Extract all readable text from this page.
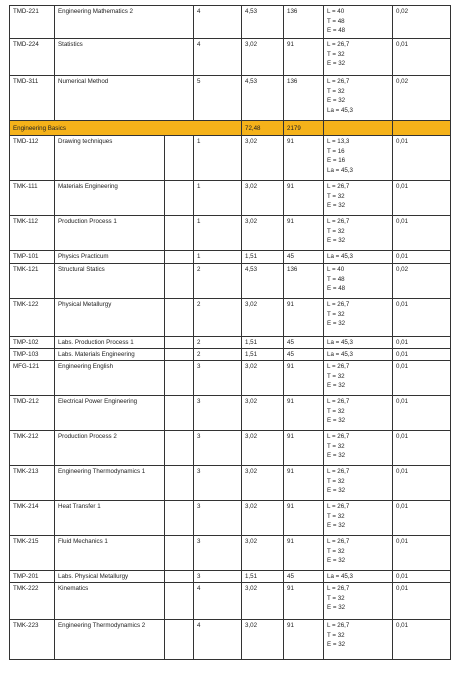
TMD-221	Engineering Mathematics 2		4	4,53	136	L = 40
T = 48
E = 48	0,02

TMD-224	Statistics		4	3,02	91	L = 26,7
T = 32
E = 32	0,01

TMD-311	Numerical Method		5	4,53	136	L = 26,7
T = 32
E = 32
La = 45,3	0,02

Engineering Basics				72,48	2179		

TMD-112	Drawing techniques		1	3,02	91	L = 13,3
T = 16
E = 16
La = 45,3	0,01

TMK-111	Materials Engineering		1	3,02	91	L = 26,7
T = 32
E = 32	0,01

TMK-112	Production Process 1		1	3,02	91	L = 26,7
T = 32
E = 32	0,01

TMP-101	Physics Practicum		1	1,51	45	La = 45,3	0,01

TMK-121	Structural Statics		2	4,53	136	L = 40
T = 48
E = 48	0,02

TMK-122	Physical Metallurgy		2	3,02	91	L = 26,7
T = 32
E = 32	0,01

TMP-102	Labs. Production Process 1		2	1,51	45	La = 45,3	0,01

TMP-103	Labs. Materials Engineering		2	1,51	45	La = 45,3	0,01

MFG-121	Engineering English		3	3,02	91	L = 26,7
T = 32
E = 32	0,01

TMD-212	Electrical Power Engineering		3	3,02	91	L = 26,7
T = 32
E = 32	0,01

TMK-212	Production Process 2		3	3,02	91	L = 26,7
T = 32
E = 32	0,01

TMK-213	Engineering Thermodynamics 1		3	3,02	91	L = 26,7
T = 32
E = 32	0,01

TMK-214	Heat Transfer 1		3	3,02	91	L = 26,7
T = 32
E = 32	0,01

TMK-215	Fluid Mechanics 1		3	3,02	91	L = 26,7
T = 32
E = 32	0,01

TMP-201	Labs. Physical Metallurgy		3	1,51	45	La = 45,3	0,01

TMK-222	Kinematics		4	3,02	91	L = 26,7
T = 32
E = 32	0,01

TMK-223	Engineering Thermodynamics 2		4	3,02	91	L = 26,7
T = 32
E = 32	0,01
